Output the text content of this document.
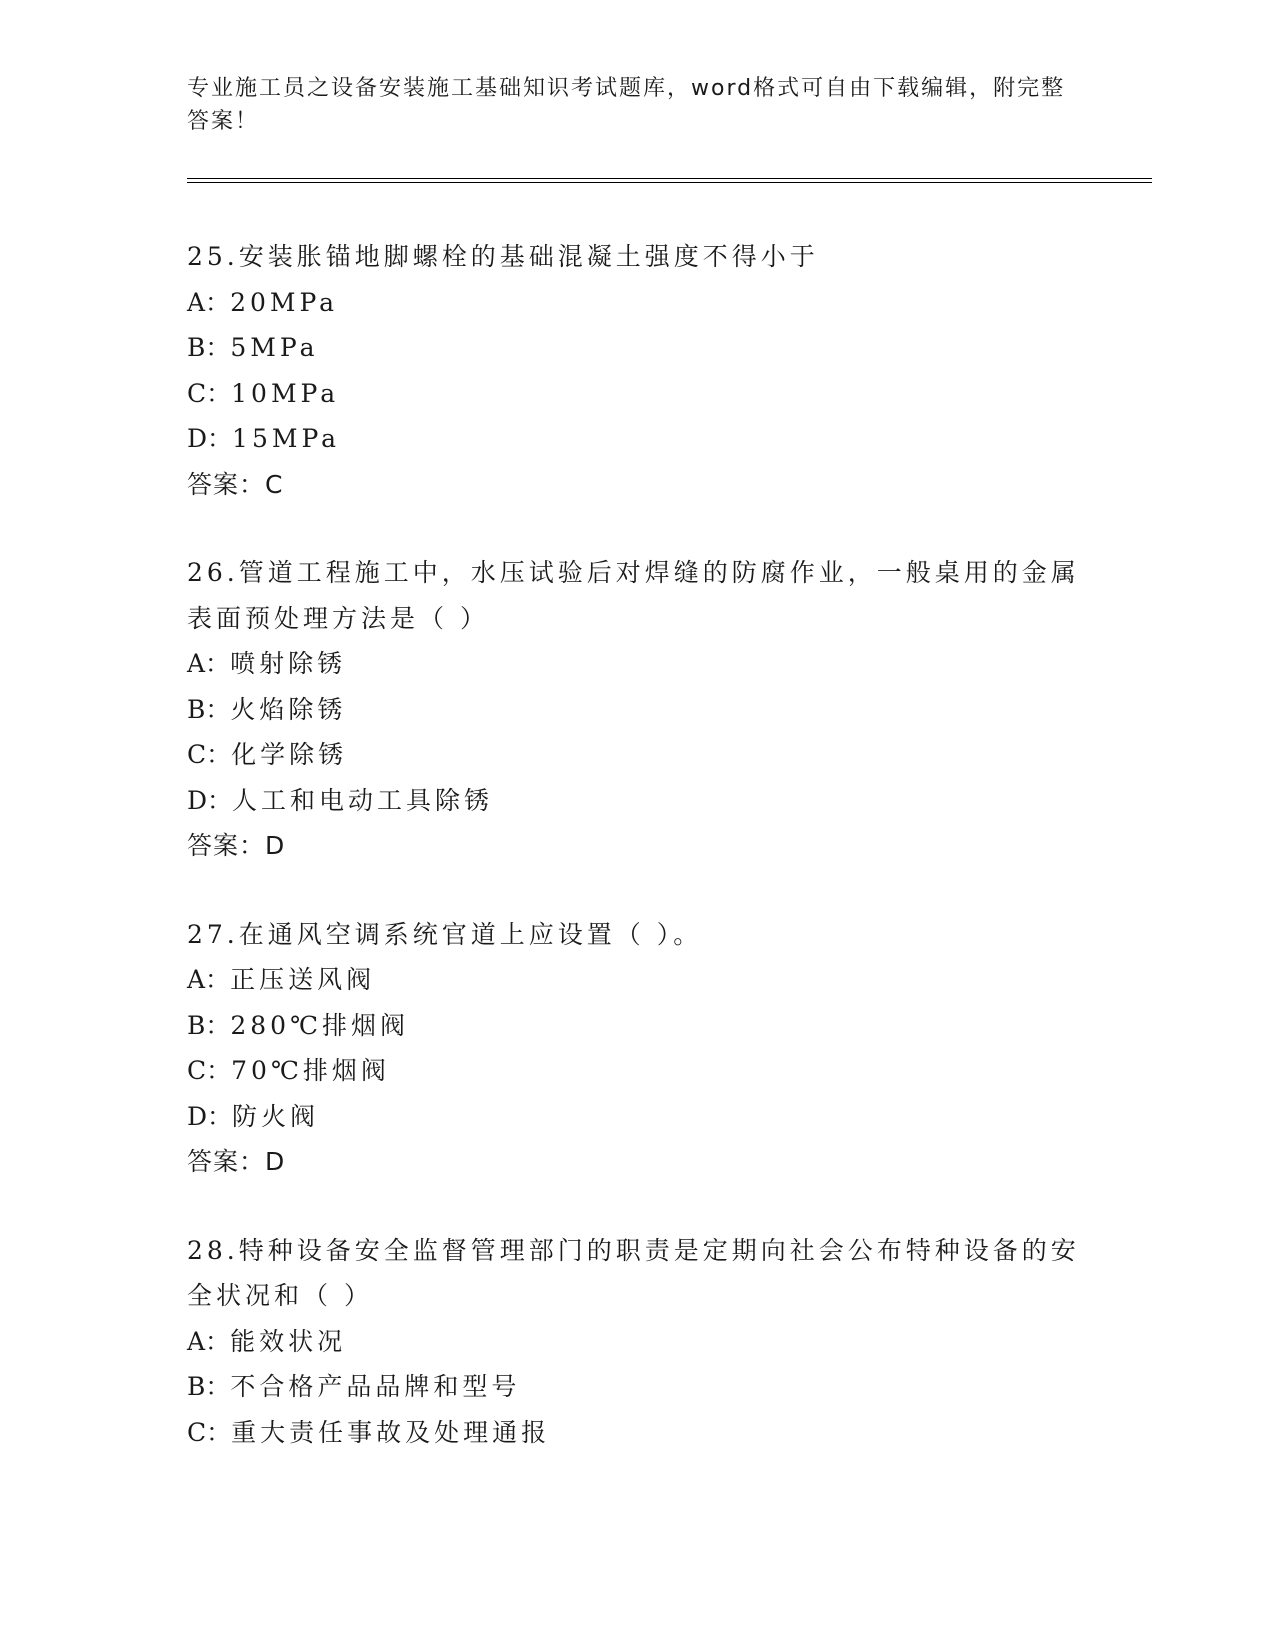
专业施工员之设备安装施工基础知识考试题库，word格式可自由下载编辑，附完整答案！
25.安装胀锚地脚螺栓的基础混凝土强度不得小于
A：20MPa
B：5MPa
C：10MPa
D：15MPa
答案：C
26.管道工程施工中，水压试验后对焊缝的防腐作业，一般桌用的金属表面预处理方法是（ ）
A：喷射除锈
B：火焰除锈
C：化学除锈
D：人工和电动工具除锈
答案：D
27.在通风空调系统官道上应设置（ ）。
A：正压送风阀
B：280℃排烟阀
C：70℃排烟阀
D：防火阀
答案：D
28.特种设备安全监督管理部门的职责是定期向社会公布特种设备的安全状况和（ ）
A：能效状况
B：不合格产品品牌和型号
C：重大责任事故及处理通报
